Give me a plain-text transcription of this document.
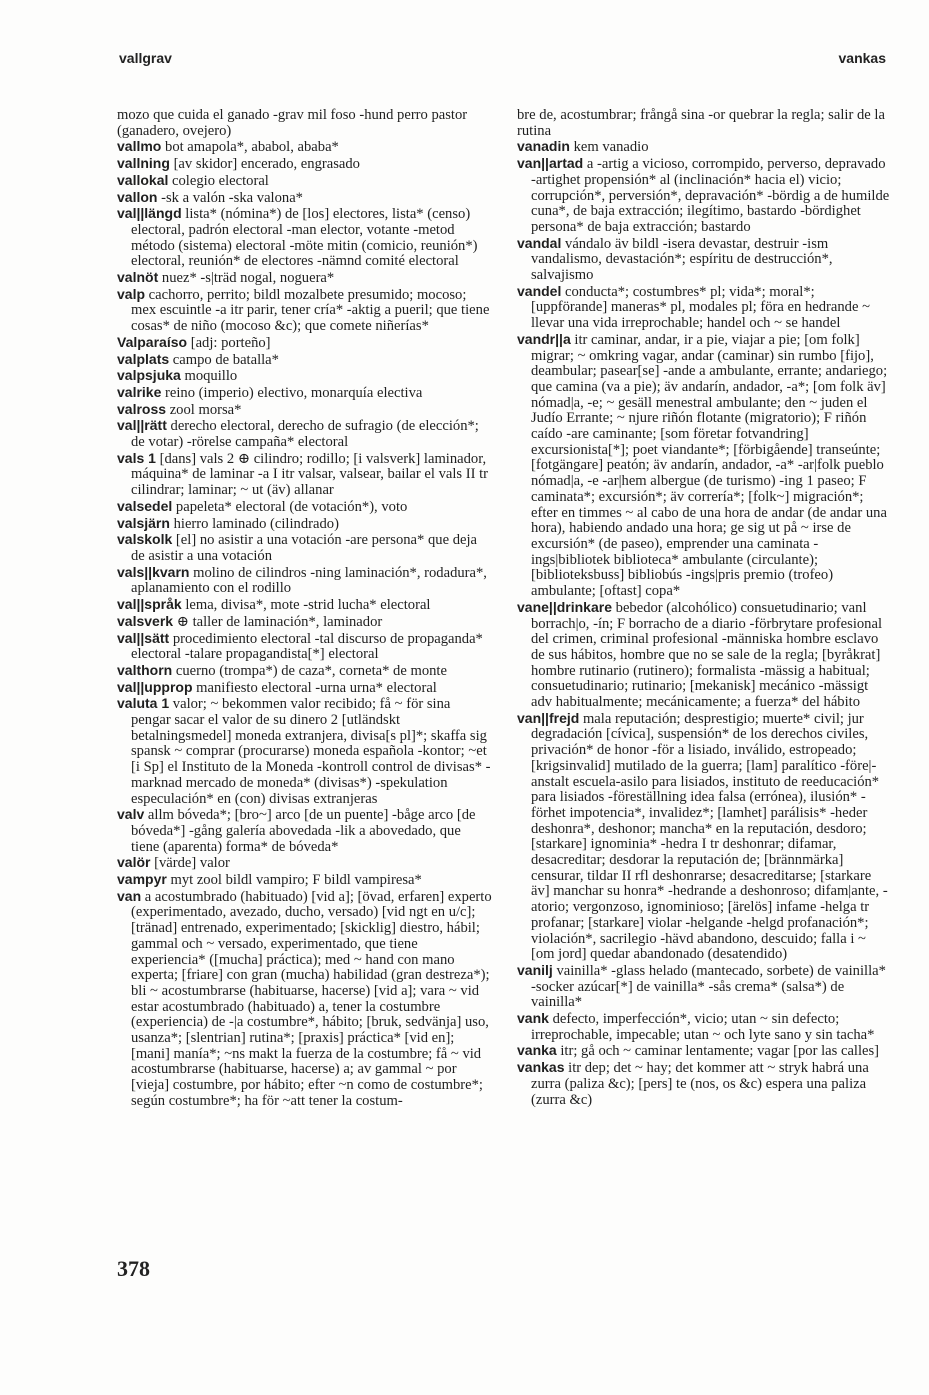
vallgrav	vankas

mozo que cuida el ganado -grav mil foso -hund perro pastor (ganadero, ovejero)

vallmo bot amapola*, ababol, ababa*

vallning [av skidor] encerado, engrasado

vallokal colegio electoral

vallon -sk a valón -ska valona*

val||längd lista* (nómina*) de [los] electores, lista* (censo) electoral, padrón electoral -man elector, votante -metod método (sistema) electoral -möte mitin (comicio, reunión*) electoral, reunión* de electores -nämnd comité electoral

valnöt nuez* -s|träd nogal, noguera*

valp cachorro, perrito; bildl mozalbete presumido; mocoso; mex escuintle -a itr parir, tener cría* -aktig a pueril; que tiene cosas* de niño (mocoso &c); que comete niñerías*

Valparaíso [adj: porteño]

valplats campo de batalla*

valpsjuka moquillo

valrike reino (imperio) electivo, monarquía electiva

valross zool morsa*

val||rätt derecho electoral, derecho de sufragio (de elección*; de votar) -rörelse campaña* electoral

vals 1 [dans] vals 2 ⊕ cilindro; rodillo; [i valsverk] laminador, máquina* de laminar -a I itr valsar, valsear, bailar el vals II tr cilindrar; laminar; ~ ut (äv) allanar

valsedel papeleta* electoral (de votación*), voto

valsjärn hierro laminado (cilindrado)

valskolk [el] no asistir a una votación -are persona* que deja de asistir a una votación

vals||kvarn molino de cilindros -ning laminación*, rodadura*, aplanamiento con el rodillo

val||språk lema, divisa*, mote -strid lucha* electoral

valsverk ⊕ taller de laminación*, laminador

val||sätt procedimiento electoral -tal discurso de propaganda* electoral -talare propagandista[*] electoral

valthorn cuerno (trompa*) de caza*, corneta* de monte

val||upprop manifiesto electoral -urna urna* electoral

valuta 1 valor; ~ bekommen valor recibido; få ~ för sina pengar sacar el valor de su dinero 2 [utländskt betalningsmedel] moneda extranjera, divisa[s pl]*; skaffa sig spansk ~ comprar (procurarse) moneda española -kontor; ~et [i Sp] el Instituto de la Moneda -kontroll control de divisas* -marknad mercado de moneda* (divisas*) -spekulation especulación* en (con) divisas extranjeras

valv allm bóveda*; [bro~] arco [de un puente] -båge arco [de bóveda*] -gång galería abovedada -lik a abovedado, que tiene (aparenta) forma* de bóveda*

valör [värde] valor

vampyr myt zool bildl vampiro; F bildl vampiresa*

van a acostumbrado (habituado) [vid a]; [övad, erfaren] experto (experimentado, avezado, ducho, versado) [vid ngt en u/c]; [tränad] entrenado, experimentado; [skicklig] diestro, hábil; gammal och ~ versado, experimentado, que tiene experiencia* ([mucha] práctica); med ~ hand con mano experta; [friare] con gran (mucha) habilidad (gran destreza*); bli ~ acostumbrarse (habituarse, hacerse) [vid a]; vara ~ vid estar acostumbrado (habituado) a, tener la costumbre (experiencia) de -|a costumbre*, hábito; [bruk, sedvänja] uso, usanza*; [slentrian] rutina*; [praxis] práctica* [vid en]; [mani] manía*; ~ns makt la fuerza de la costumbre; få ~ vid acostumbrarse (habituarse, hacerse) a; av gammal ~ por [vieja] costumbre, por hábito; efter ~n como de costumbre*; según costumbre*; ha för ~att tener la costum-

bre de, acostumbrar; frångå sina -or quebrar la regla; salir de la rutina

vanadin kem vanadio

van||artad a -artig a vicioso, corrompido, perverso, depravado -artighet propensión* al (inclinación* hacia el) vicio; corrupción*, perversión*, depravación* -bördig a de humilde cuna*, de baja extracción; ilegítimo, bastardo -bördighet persona* de baja extracción; bastardo

vandal vándalo äv bildl -isera devastar, destruir -ism vandalismo, devastación*; espíritu de destrucción*, salvajismo

vandel conducta*; costumbres* pl; vida*; moral*; [uppförande] maneras* pl, modales pl; föra en hedrande ~ llevar una vida irreprochable; handel och ~ se handel

vandr||a itr caminar, andar, ir a pie, viajar a pie; [om folk] migrar; ~ omkring vagar, andar (caminar) sin rumbo [fijo], deambular; pasear[se] -ande a ambulante, errante; andariego; que camina (va a pie); äv andarín, andador, -a*; [om folk äv] nómad|a, -e; ~ gesäll menestral ambulante; den ~ juden el Judío Errante; ~ njure riñón flotante (migratorio); F riñón caído -are caminante; [som företar fotvandring] excursionista[*]; poet viandante*; [förbigående] transeúnte; [fotgängare] peatón; äv andarín, andador, -a* -ar|folk pueblo nómad|a, -e -ar|hem albergue (de turismo) -ing 1 paseo; F caminata*; excursión*; äv correría*; [folk~] migración*; efter en timmes ~ al cabo de una hora de andar (de andar una hora), habiendo andado una hora; ge sig ut på ~ irse de excursión* (de paseo), emprender una caminata -ings|bibliotek biblioteca* ambulante (circulante); [biblioteksbuss] bibliobús -ings|pris premio (trofeo) ambulante; [oftast] copa*

vane||drinkare bebedor (alcohólico) consuetudinario; vanl borrach|o, -ín; F borracho de a diario -förbrytare profesional del crimen, criminal profesional -människa hombre esclavo de sus hábitos, hombre que no se sale de la regla; [byråkrat] hombre rutinario (rutinero); formalista -mässig a habitual; consuetudinario; rutinario; [mekanisk] mecánico -mässigt adv habitualmente; mecánicamente; a fuerza* del hábito

van||frejd mala reputación; desprestigio; muerte* civil; jur degradación [cívica], suspensión* de los derechos civiles, privación* de honor -för a lisiado, inválido, estropeado; [krigsinvalid] mutilado de la guerra; [lam] paralítico -före|-anstalt escuela-asilo para lisiados, instituto de reeducación* para lisiados -föreställning idea falsa (errónea), ilusión* -förhet impotencia*, invalidez*; [lamhet] parálisis* -heder deshonra*, deshonor; mancha* en la reputación, desdoro; [starkare] ignominia* -hedra I tr deshonrar; difamar, desacreditar; desdorar la reputación de; [brännmärka] censurar, tildar II rfl deshonrarse; desacreditarse; [starkare äv] manchar su honra* -hedrande a deshonroso; difam|ante, -atorio; vergonzoso, ignominioso; [ärelös] infame -helga tr profanar; [starkare] violar -helgande -helgd profanación*; violación*, sacrilegio -hävd abandono, descuido; falla i ~ [om jord] quedar abandonado (desatendido)

vanilj vainilla* -glass helado (mantecado, sorbete) de vainilla* -socker azúcar[*] de vainilla* -sås crema* (salsa*) de vainilla*

vank defecto, imperfección*, vicio; utan ~ sin defecto; irreprochable, impecable; utan ~ och lyte sano y sin tacha*

vanka itr; gå och ~ caminar lentamente; vagar [por las calles]

vankas itr dep; det ~ hay; det kommer att ~ stryk habrá una zurra (paliza &c); [pers] te (nos, os &c) espera una paliza (zurra &c)

378
